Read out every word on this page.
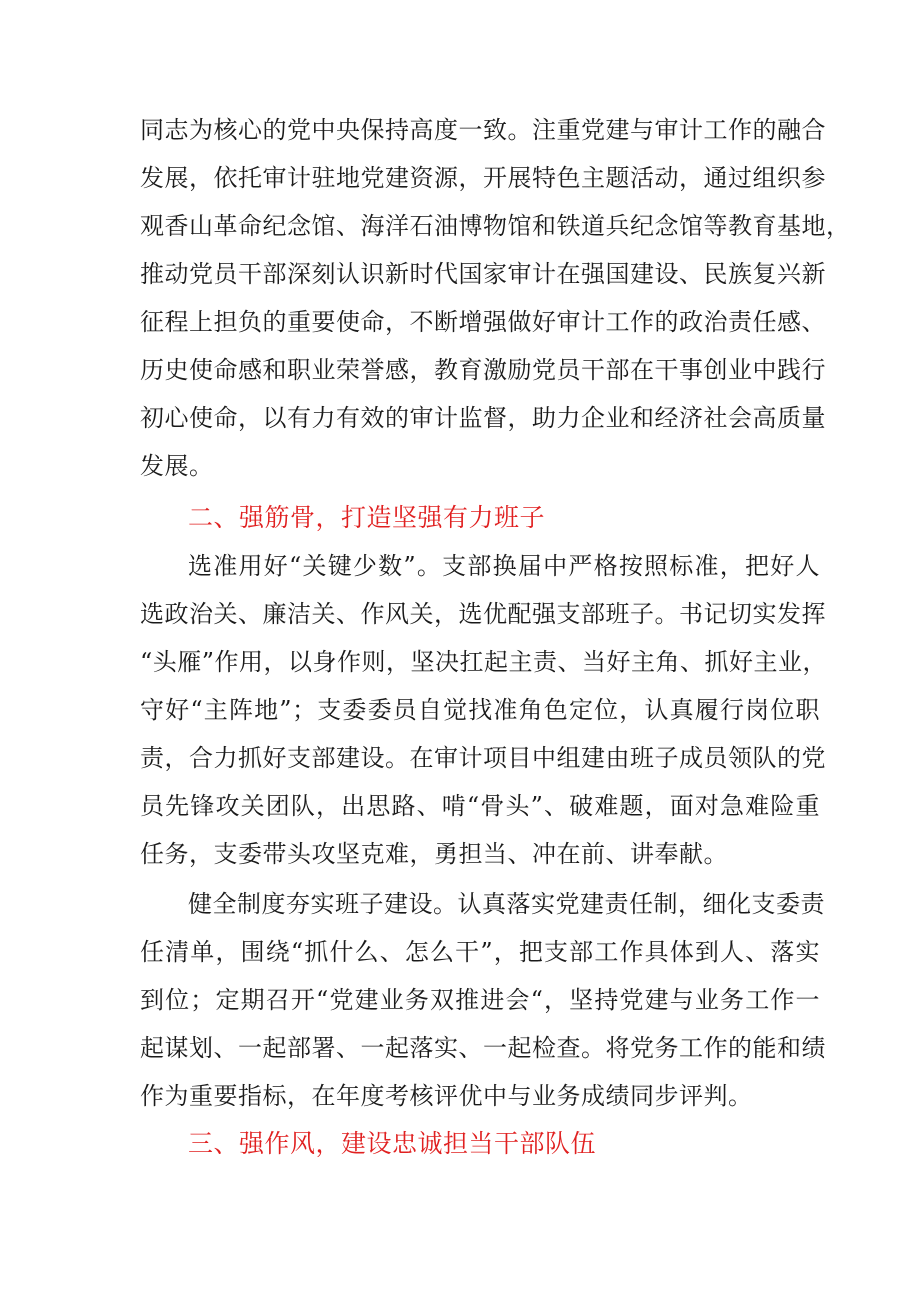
同志为核心的党中央保持高度一致。注重党建与审计工作的融合
发展，依托审计驻地党建资源，开展特色主题活动，通过组织参
观香山革命纪念馆、海洋石油博物馆和铁道兵纪念馆等教育基地，
推动党员干部深刻认识新时代国家审计在强国建设、民族复兴新
征程上担负的重要使命，不断增强做好审计工作的政治责任感、
历史使命感和职业荣誉感，教育激励党员干部在干事创业中践行
初心使命，以有力有效的审计监督，助力企业和经济社会高质量
发展。
二、强筋骨，打造坚强有力班子
选准用好“关键少数”。支部换届中严格按照标准，把好人
选政治关、廉洁关、作风关，选优配强支部班子。书记切实发挥
“头雁”作用，以身作则，坚决扛起主责、当好主角、抓好主业，
守好“主阵地”；支委委员自觉找准角色定位，认真履行岗位职
责，合力抓好支部建设。在审计项目中组建由班子成员领队的党
员先锋攻关团队，出思路、啃“骨头”、破难题，面对急难险重
任务，支委带头攻坚克难，勇担当、冲在前、讲奉献。
健全制度夯实班子建设。认真落实党建责任制，细化支委责
任清单，围绕“抓什么、怎么干”，把支部工作具体到人、落实
到位；定期召开“党建业务双推进会“，坚持党建与业务工作一
起谋划、一起部署、一起落实、一起检查。将党务工作的能和绩
作为重要指标，在年度考核评优中与业务成绩同步评判。
三、强作风，建设忠诚担当干部队伍
